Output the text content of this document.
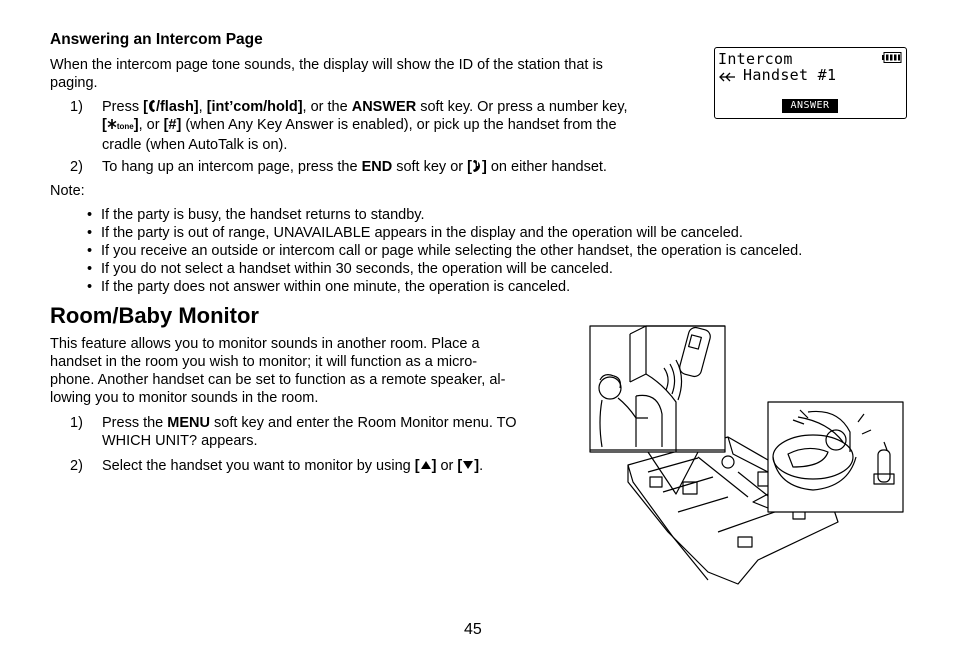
Answering an Intercom Page
When the intercom page tone sounds, the display will show the ID of the station that is
paging.
1)	Press [ /flash], [int’com/hold], or the ANSWER soft key. Or press a number key,
[ tone], or [#] (when Any Key Answer is enabled), or pick up the handset from the
cradle (when AutoTalk is on).
2)	To hang up an intercom page, press the END soft key or [ ] on either handset.
Note:
• If the party is busy, the handset returns to standby.
• If the party is out of range, UNAVAILABLE appears in the display and the operation will be canceled.
• If you receive an outside or intercom call or page while selecting the other handset, the operation is canceled.
• If you do not select a handset within 30 seconds, the operation will be canceled.
• If the party does not answer within one minute, the operation is canceled.
Intercom
Handset #1
ANSWER
Room/Baby Monitor
This feature allows you to monitor sounds in another room. Place a
handset in the room you wish to monitor; it will function as a micro-
phone. Another handset can be set to function as a remote speaker, al-
lowing you to monitor sounds in the room.
1)	Press the MENU soft key and enter the Room Monitor menu. TO
WHICH UNIT? appears.
2)	Select the handset you want to monitor by using [ ] or [ ].
45
